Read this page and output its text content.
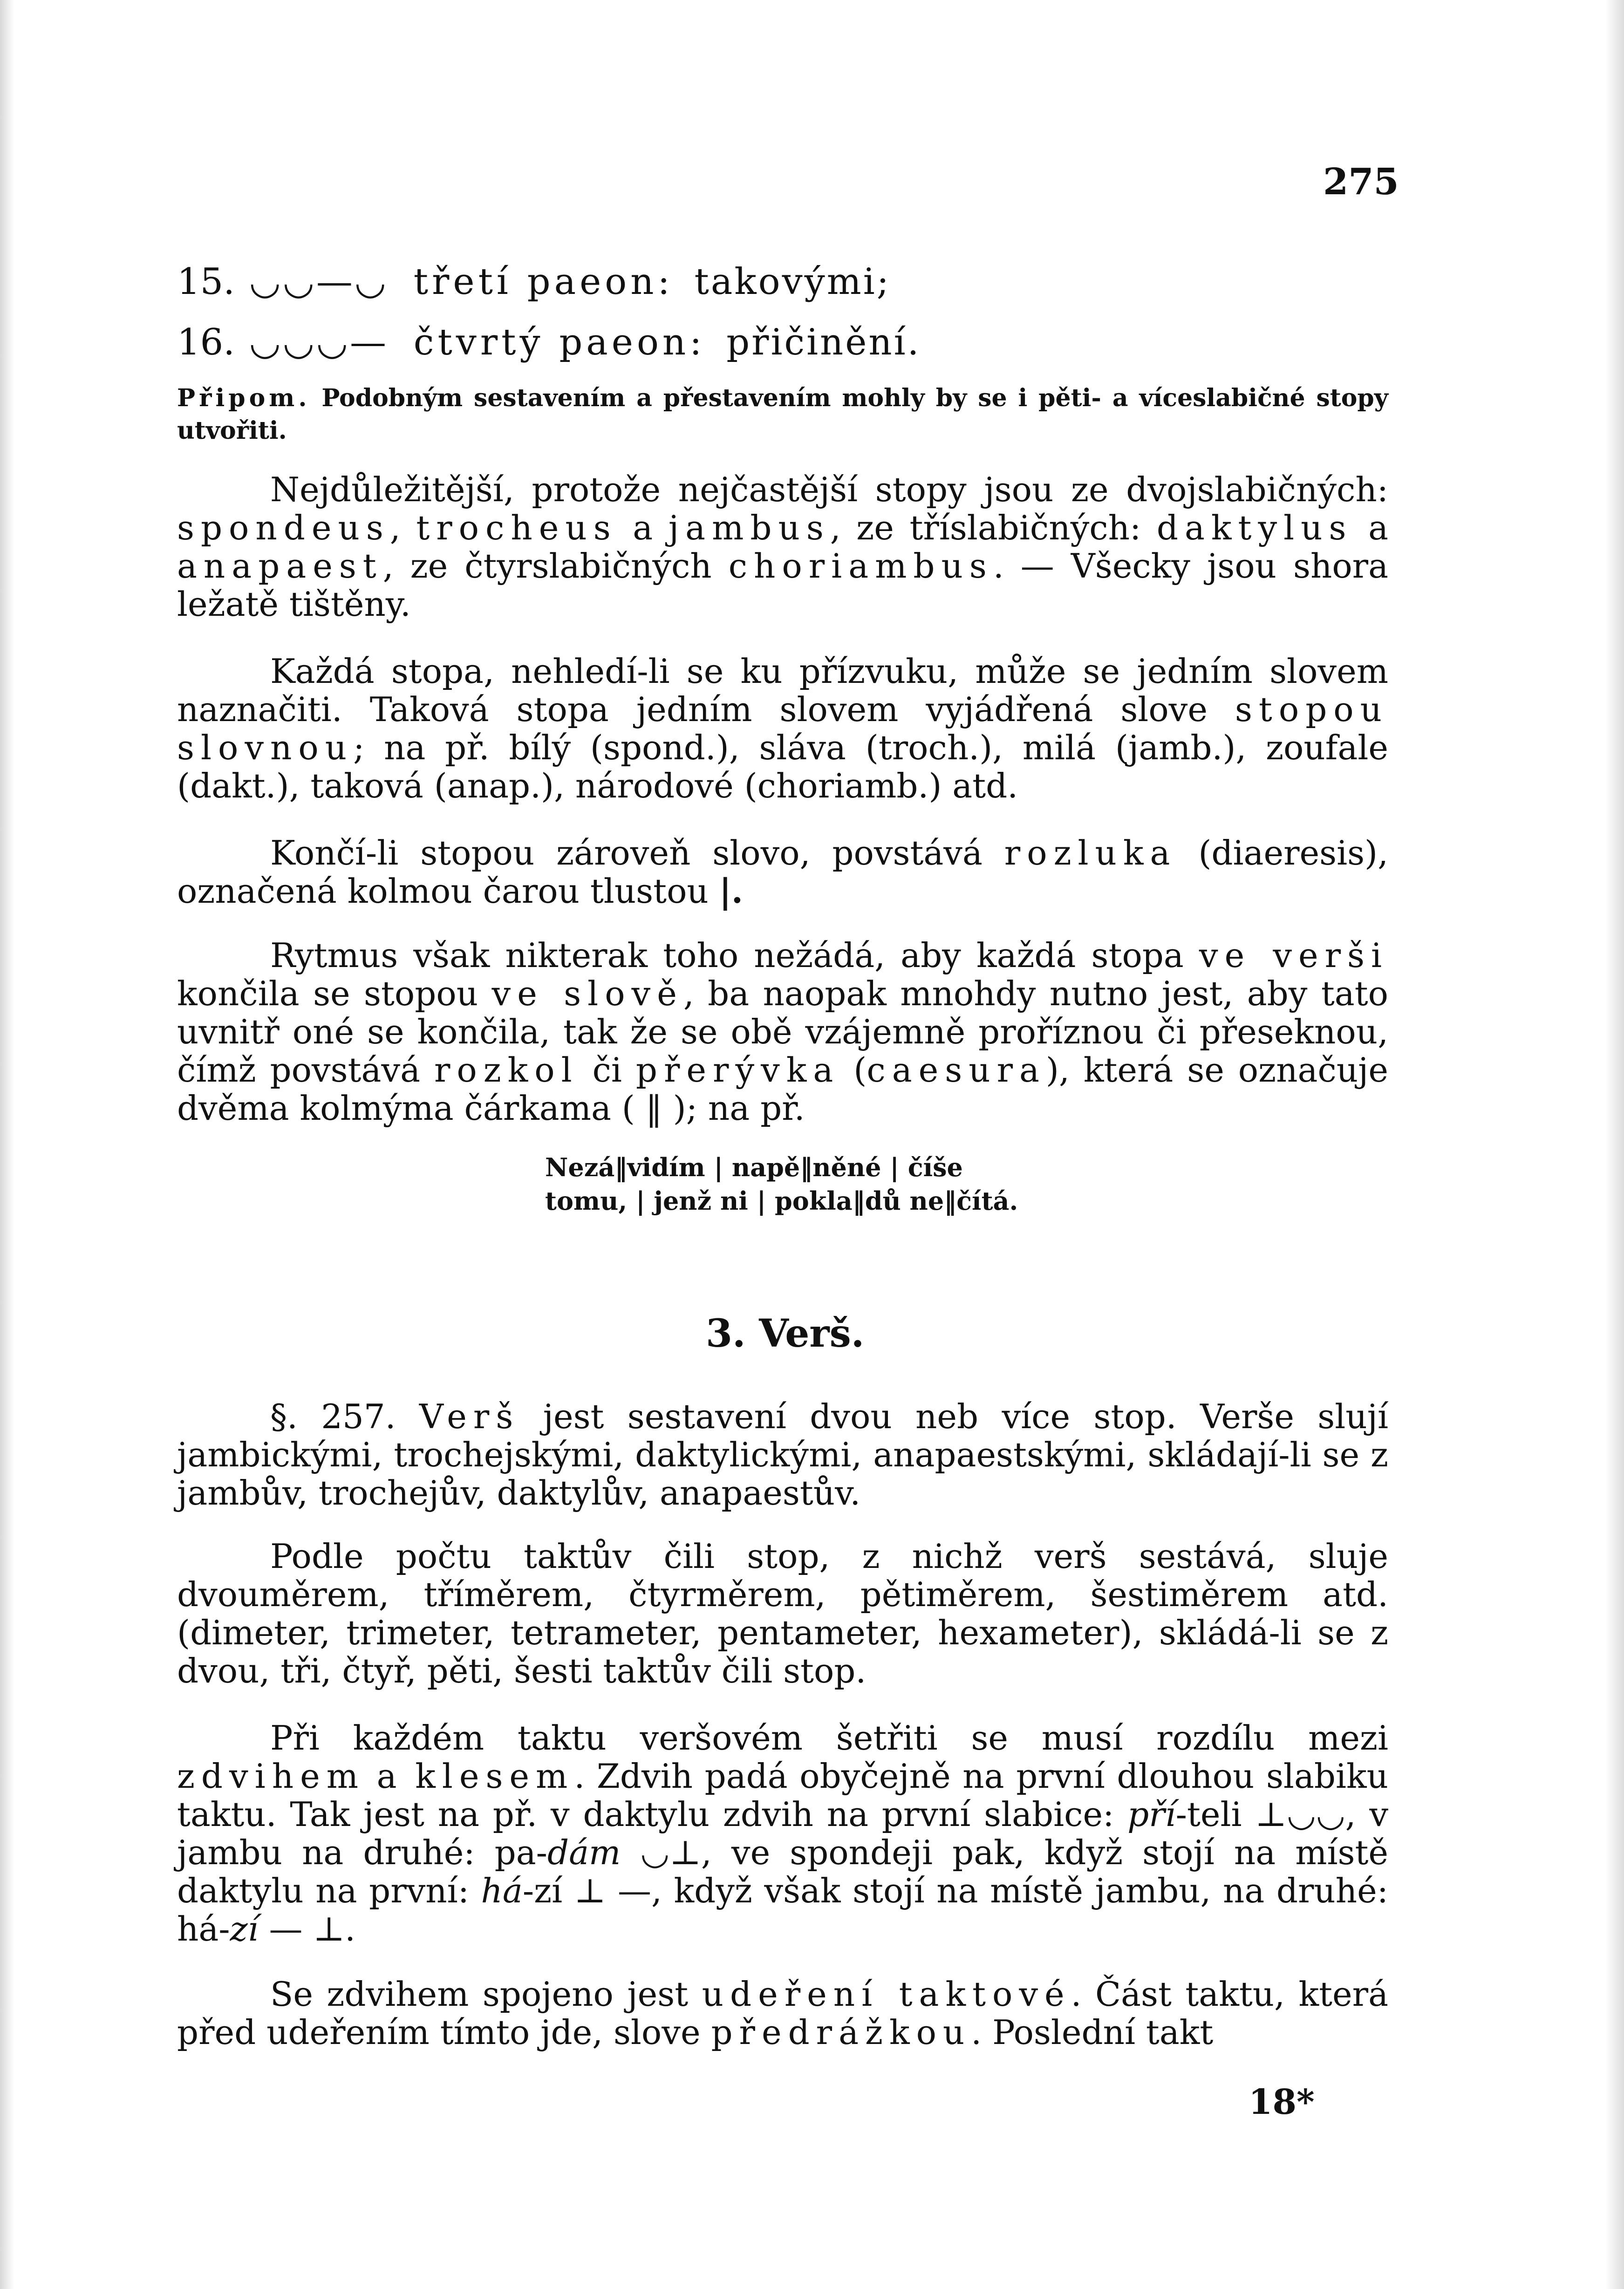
275
15. ◡◡—◡ třetí paeon: takovými;
16. ◡◡◡— čtvrtý paeon: přičinění.
Připom. Podobným sestavením a přestavením mohly by se i pěti- a víceslabičné stopy utvořiti.
Nejdůležitější, protože nejčastější stopy jsou ze dvojslabičných: spondeus, trocheus a jambus, ze tříslabičných: daktylus a anapaest, ze čtyrslabičných choriambus. — Všecky jsou shora ležatě tištěny.
Každá stopa, nehledí-li se ku přízvuku, může se jedním slovem naznačiti. Taková stopa jedním slovem vyjádřená slove stopou slovnou; na př. bílý (spond.), sláva (troch.), milá (jamb.), zoufale (dakt.), taková (anap.), národové (choriamb.) atd.
Končí-li stopou zároveň slovo, povstává rozluka (diaeresis), označená kolmou čarou tlustou |.
Rytmus však nikterak toho nežádá, aby každá stopa ve verši končila se stopou ve slově, ba naopak mnohdy nutno jest, aby tato uvnitř oné se končila, tak že se obě vzájemně proříznou či přeseknou, čímž povstává rozkol či přerývka (caesura), která se označuje dvěma kolmýma čárkama ( ‖ ); na př.
Nezá‖vidím | napě‖něné | číše
tomu, | jenž ni | pokla‖dů ne‖čítá.
3. Verš.
§. 257. Verš jest sestavení dvou neb více stop. Verše slují jambickými, trochejskými, daktylickými, anapaestskými, skládají-li se z jambův, trochejův, daktylův, anapaestův.
Podle počtu taktův čili stop, z nichž verš sestává, sluje dvouměrem, tříměrem, čtyrměrem, pětiměrem, šestiměrem atd. (dimeter, trimeter, tetrameter, pentameter, hexameter), skládá-li se z dvou, tři, čtyř, pěti, šesti taktův čili stop.
Při každém taktu veršovém šetřiti se musí rozdílu mezi zdvihem a klesem. Zdvih padá obyčejně na první dlouhou slabiku taktu. Tak jest na př. v daktylu zdvih na první slabice: pří-teli ⊥◡◡, v jambu na druhé: pa-dám ◡⊥, ve spondeji pak, když stojí na místě daktylu na první: há-zí ⊥ —, když však stojí na místě jambu, na druhé: há-zí — ⊥.
Se zdvihem spojeno jest udeření taktové. Část taktu, která před udeřením tímto jde, slove předrážkou. Poslední takt
18*
